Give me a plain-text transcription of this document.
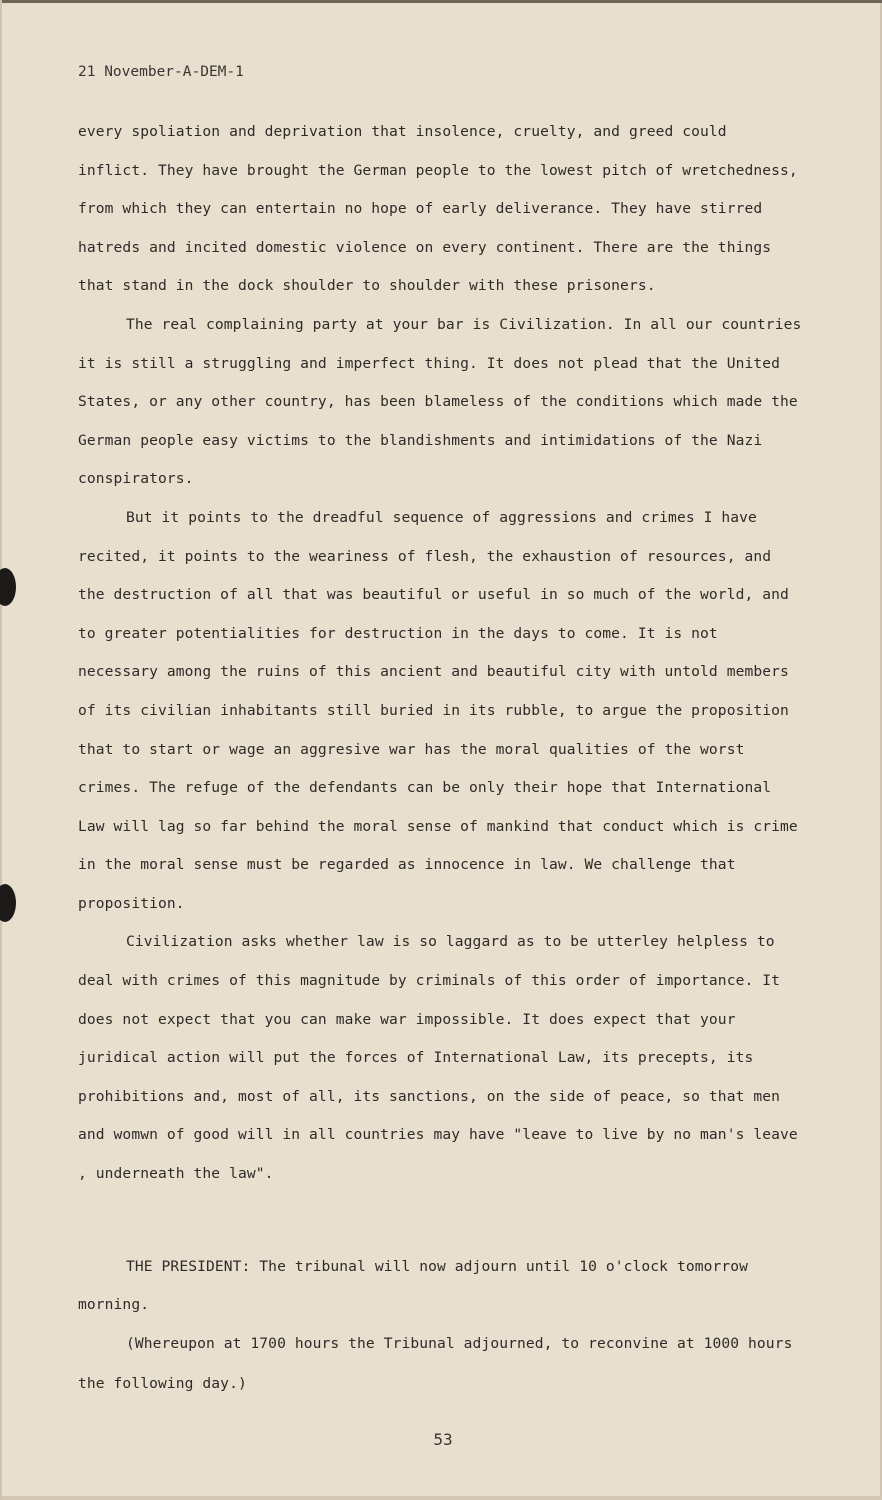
21 November-A-DEM-1

every spoliation and deprivation that insolence, cruelty, and greed could inflict. They have brought the German people to the lowest pitch of wretchedness, from which they can entertain no hope of early deliverance. They have stirred hatreds and incited domestic violence on every continent. There are the things that stand in the dock shoulder to shoulder with these prisoners.

The real complaining party at your bar is Civilization. In all our countries it is still a struggling and imperfect thing. It does not plead that the United States, or any other country, has been blameless of the conditions which made the German people easy victims to the blandishments and intimidations of the Nazi conspirators.

But it points to the dreadful sequence of aggressions and crimes I have recited, it points to the weariness of flesh, the exhaustion of resources, and the destruction of all that was beautiful or useful in so much of the world, and to greater potentialities for destruction in the days to come. It is not necessary among the ruins of this ancient and beautiful city with untold members of its civilian inhabitants still buried in its rubble, to argue the proposition that to start or wage an aggresive war has the moral qualities of the worst crimes. The refuge of the defendants can be only their hope that International Law will lag so far behind the moral sense of mankind that conduct which is crime in the moral sense must be regarded as innocence in law. We challenge that proposition.

Civilization asks whether law is so laggard as to be utterley helpless to deal with crimes of this magnitude by criminals of this order of importance. It does not expect that you can make war impossible. It does expect that your juridical action will put the forces of International Law, its precepts, its prohibitions and, most of all, its sanctions, on the side of peace, so that men and womwn of good will in all countries may have "leave to live by no man's leave , underneath the law".

THE PRESIDENT: The tribunal will now adjourn until 10 o'clock tomorrow morning.

(Whereupon at 1700 hours the Tribunal adjourned, to reconvine at 1000 hours the following day.)

53
